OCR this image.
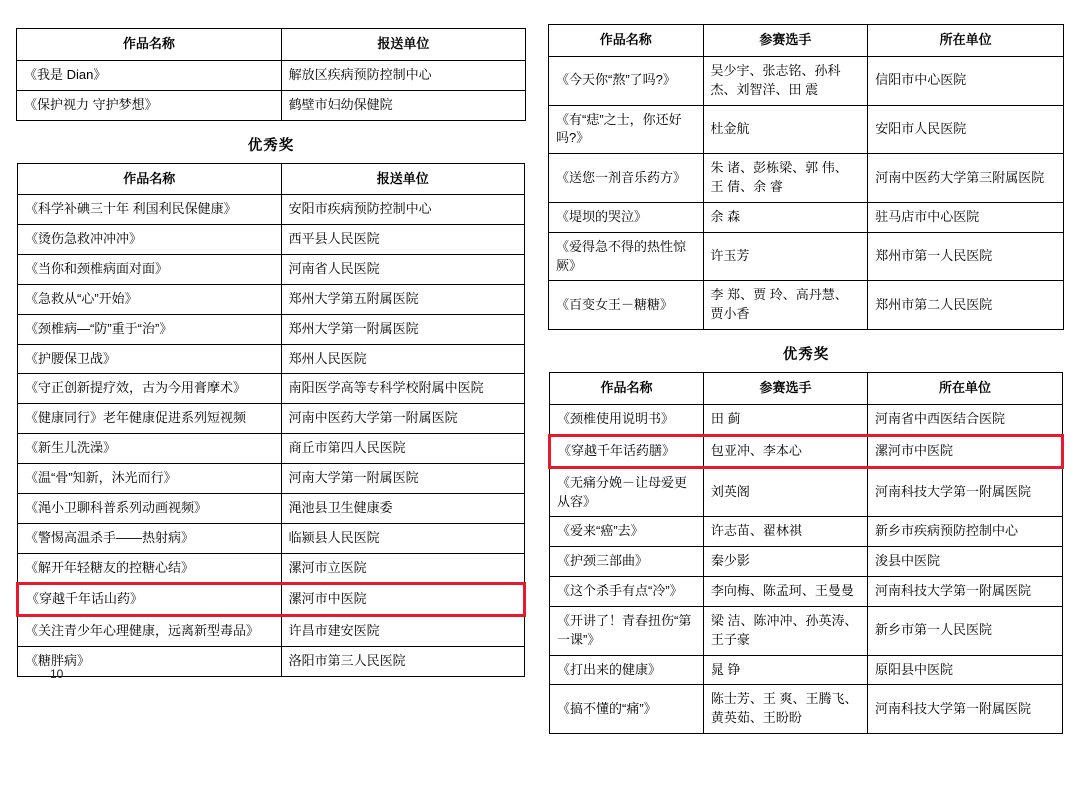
作品名称	报送单位
《我是 Dian》	解放区疾病预防控制中心
《保护视力 守护梦想》	鹤壁市妇幼保健院
优秀奖
作品名称	报送单位
《科学补碘三十年 利国利民保健康》	安阳市疾病预防控制中心
《烫伤急救冲冲冲》	西平县人民医院
《当你和颈椎病面对面》	河南省人民医院
《急救从“心”开始》	郑州大学第五附属医院
《颈椎病—“防”重于“治”》	郑州大学第一附属医院
《护腰保卫战》	郑州人民医院
《守正创新提疗效，古为今用膏摩术》	南阳医学高等专科学校附属中医院
《健康同行》老年健康促进系列短视频	河南中医药大学第一附属医院
《新生儿洗澡》	商丘市第四人民医院
《温“骨”知新，沐光而行》	河南大学第一附属医院
《渑小卫聊科普系列动画视频》	渑池县卫生健康委
《警惕高温杀手——热射病》	临颍县人民医院
《解开年轻糖友的控糖心结》	漯河市立医院
《穿越千年话山药》	漯河市中医院
《关注青少年心理健康，远离新型毒品》	许昌市建安医院
《糖胖病》	洛阳市第三人民医院
10
作品名称	参赛选手	所在单位
《今天你“熬”了吗?》	吴少宇、张志铭、孙科杰、刘智洋、田 震	信阳市中心医院
《有“痣”之士，你还好吗?》	杜金航	安阳市人民医院
《送您一剂音乐药方》	朱 诸、彭栋梁、郭 伟、王 倩、余 睿	河南中医药大学第三附属医院
《堤坝的哭泣》	余 森	驻马店市中心医院
《爱得急不得的热性惊厥》	许玉芳	郑州市第一人民医院
《百变女王－糖糖》	李 郑、贾 玲、高丹慧、贾小香	郑州市第二人民医院
优秀奖
作品名称	参赛选手	所在单位
《颈椎使用说明书》	田 蓟	河南省中西医结合医院
《穿越千年话药膳》	包亚冲、李本心	漯河市中医院
《无痛分娩－让母爱更从容》	刘英阁	河南科技大学第一附属医院
《爱来“癌”去》	许志苗、翟林祺	新乡市疾病预防控制中心
《护颈三部曲》	秦少影	浚县中医院
《这个杀手有点“冷”》	李向梅、陈孟珂、王曼曼	河南科技大学第一附属医院
《开讲了！青春扭伤“第一课”》	梁 洁、陈冲冲、孙英涛、王子豪	新乡市第一人民医院
《打出来的健康》	晁 铮	原阳县中医院
《搞不懂的“痛”》	陈士芳、王 爽、王腾飞、黄英茹、王盼盼	河南科技大学第一附属医院
